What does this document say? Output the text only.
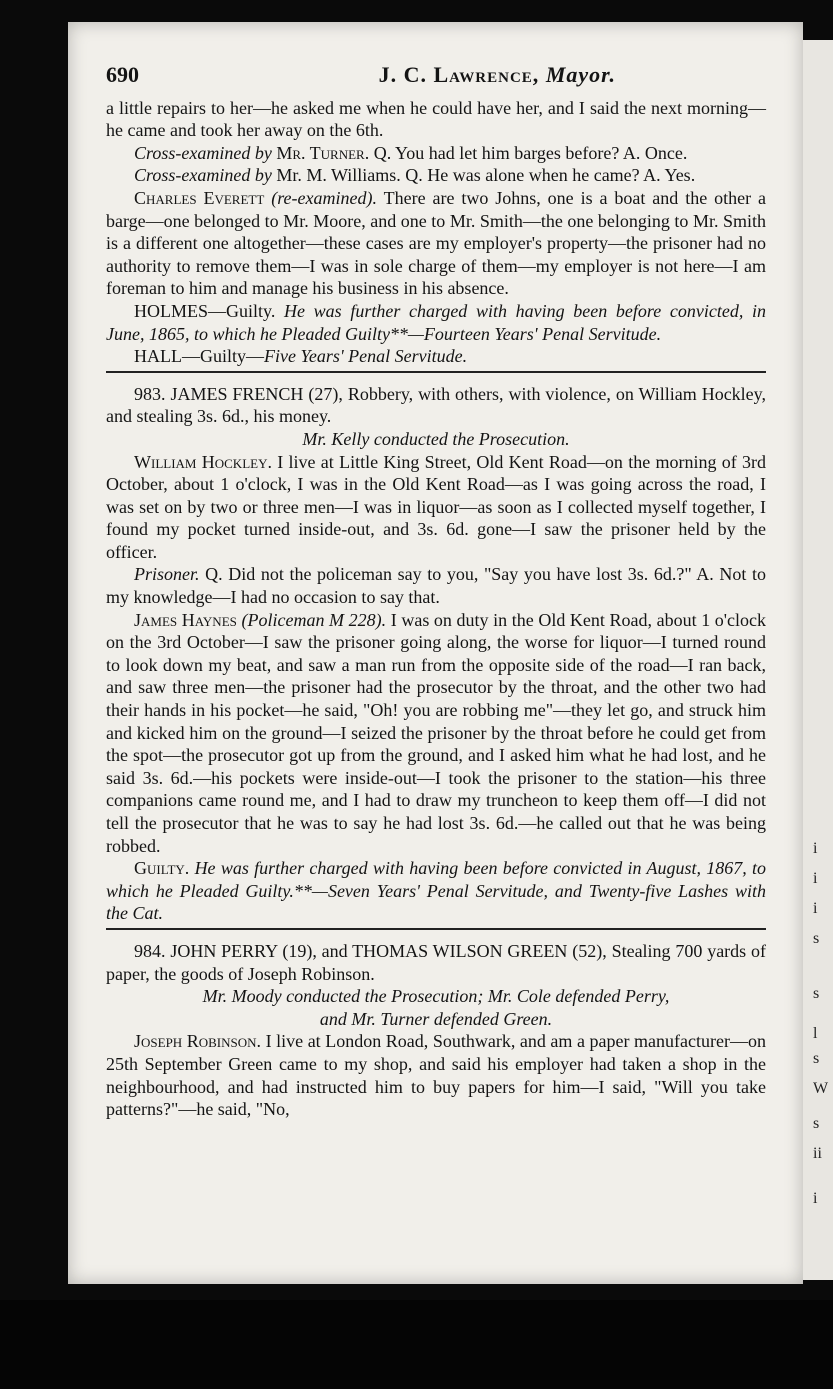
i
i
i
s
s
l
s
W
s
ii
i
690	J. C. Lawrence, Mayor.

a little repairs to her—he asked me when he could have her, and I said the next morning—he came and took her away on the 6th.

Cross-examined by Mr. Turner. Q. You had let him barges before? A. Once.

Cross-examined by Mr. M. Williams. Q. He was alone when he came? A. Yes.

Charles Everett (re-examined). There are two Johns, one is a boat and the other a barge—one belonged to Mr. Moore, and one to Mr. Smith—the one belonging to Mr. Smith is a different one altogether—these cases are my employer's property—the prisoner had no authority to remove them—I was in sole charge of them—my employer is not here—I am foreman to him and manage his business in his absence.

HOLMES—Guilty. He was further charged with having been before convicted, in June, 1865, to which he Pleaded Guilty**—Fourteen Years' Penal Servitude.

HALL—Guilty—Five Years' Penal Servitude.

983. JAMES FRENCH (27), Robbery, with others, with violence, on William Hockley, and stealing 3s. 6d., his money.

Mr. Kelly conducted the Prosecution.

William Hockley. I live at Little King Street, Old Kent Road—on the morning of 3rd October, about 1 o'clock, I was in the Old Kent Road—as I was going across the road, I was set on by two or three men—I was in liquor—as soon as I collected myself together, I found my pocket turned inside-out, and 3s. 6d. gone—I saw the prisoner held by the officer.

Prisoner. Q. Did not the policeman say to you, "Say you have lost 3s. 6d.?" A. Not to my knowledge—I had no occasion to say that.

James Haynes (Policeman M 228). I was on duty in the Old Kent Road, about 1 o'clock on the 3rd October—I saw the prisoner going along, the worse for liquor—I turned round to look down my beat, and saw a man run from the opposite side of the road—I ran back, and saw three men—the prisoner had the prosecutor by the throat, and the other two had their hands in his pocket—he said, "Oh! you are robbing me"—they let go, and struck him and kicked him on the ground—I seized the prisoner by the throat before he could get from the spot—the prosecutor got up from the ground, and I asked him what he had lost, and he said 3s. 6d.—his pockets were inside-out—I took the prisoner to the station—his three companions came round me, and I had to draw my truncheon to keep them off—I did not tell the prosecutor that he was to say he had lost 3s. 6d.—he called out that he was being robbed.

Guilty. He was further charged with having been before convicted in August, 1867, to which he Pleaded Guilty.**—Seven Years' Penal Servitude, and Twenty-five Lashes with the Cat.

984. JOHN PERRY (19), and THOMAS WILSON GREEN (52), Stealing 700 yards of paper, the goods of Joseph Robinson.

Mr. Moody conducted the Prosecution; Mr. Cole defended Perry,

and Mr. Turner defended Green.

Joseph Robinson. I live at London Road, Southwark, and am a paper manufacturer—on 25th September Green came to my shop, and said his employer had taken a shop in the neighbourhood, and had instructed him to buy papers for him—I said, "Will you take patterns?"—he said, "No,
